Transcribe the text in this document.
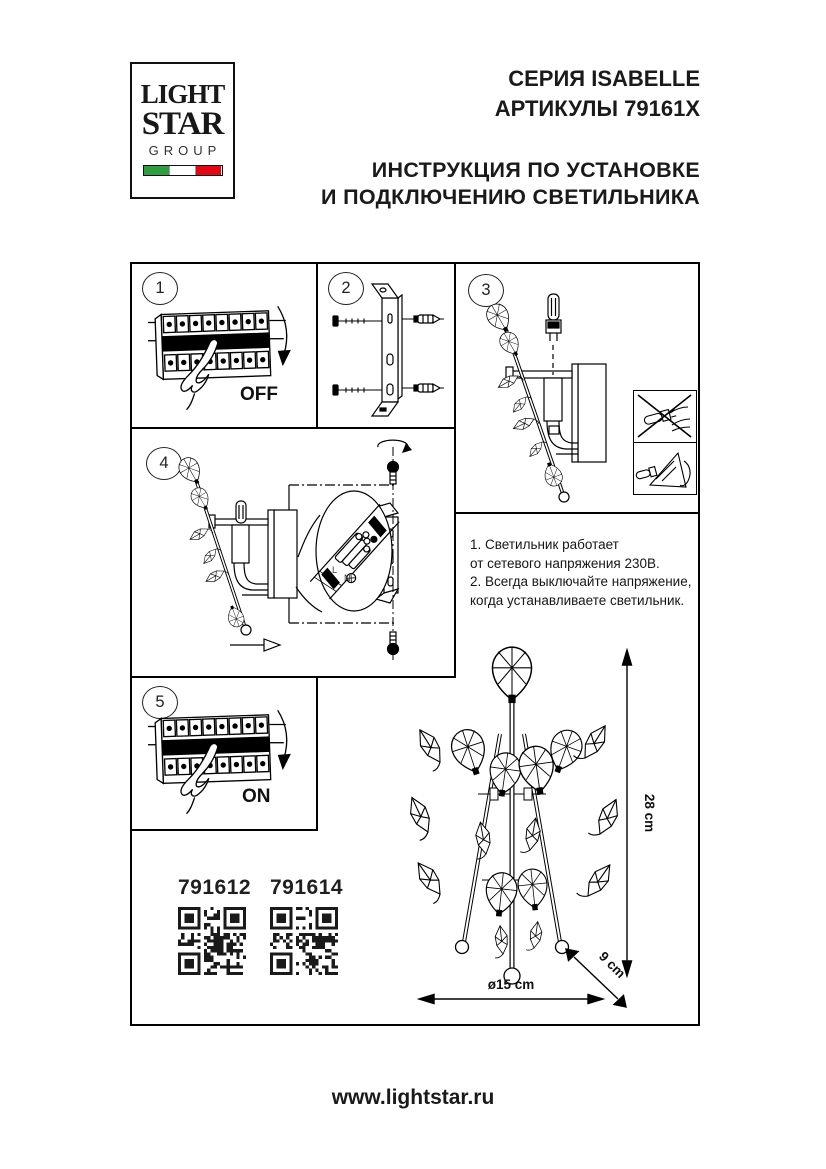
LIGHT
STAR
GROUP
СЕРИЯ ISABELLE
АРТИКУЛЫ 79161X
ИНСТРУКЦИЯ ПО УСТАНОВКЕ
И ПОДКЛЮЧЕНИЮ СВЕТИЛЬНИКА
1
OFF
2	3
4
L
N
5
ON
1. Светильник работает
от сетевого напряжения 230В.
2. Всегда выключайте напряжение,
когда устанавливаете светильник.
791612 791614
28 cm
ø15 cm
9 cm
www.lightstar.ru
